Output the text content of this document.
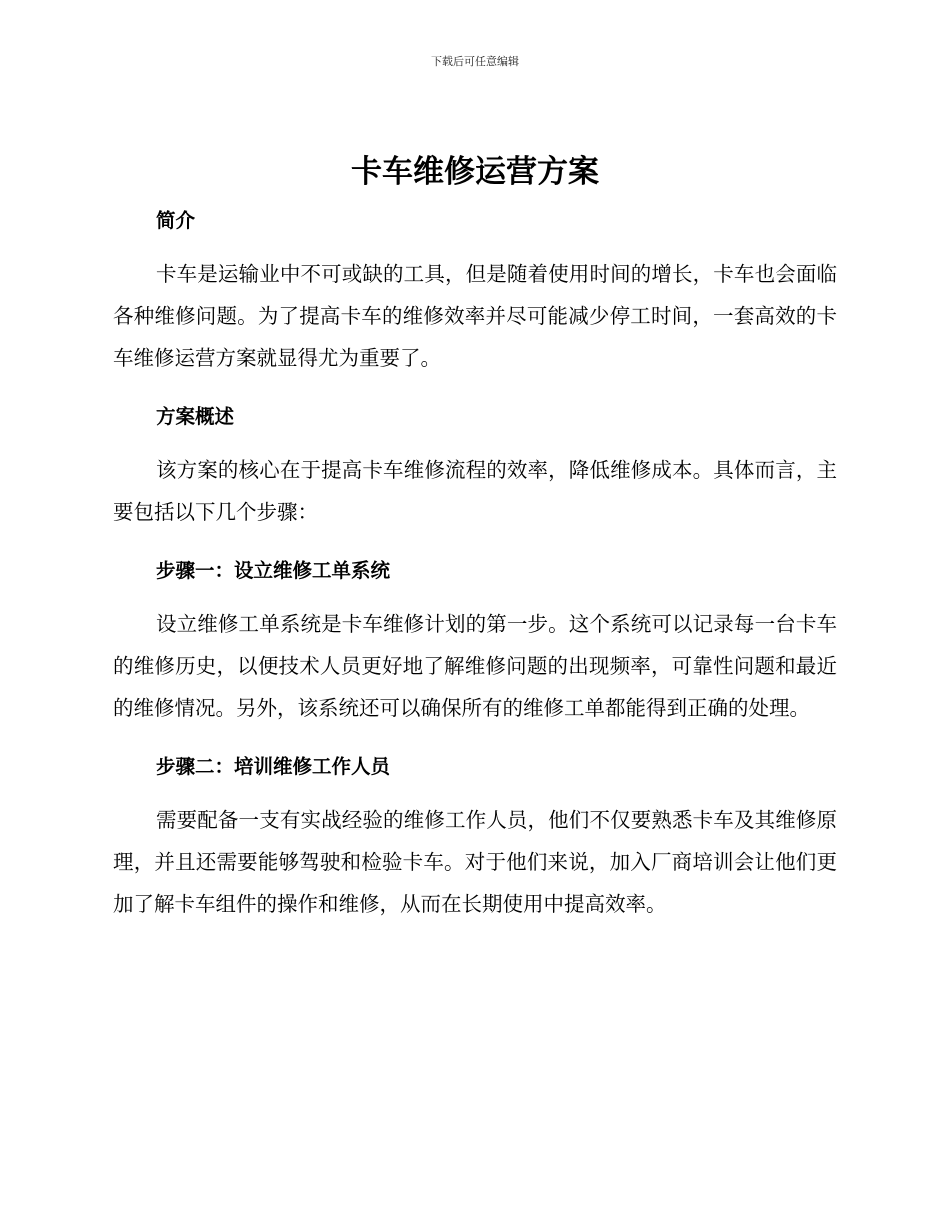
下载后可任意编辑
卡车维修运营方案
简介

卡车是运输业中不可或缺的工具，但是随着使用时间的增长，卡车也会面临各种维修问题。为了提高卡车的维修效率并尽可能减少停工时间，一套高效的卡车维修运营方案就显得尤为重要了。

方案概述

该方案的核心在于提高卡车维修流程的效率，降低维修成本。具体而言，主要包括以下几个步骤：

步骤一：设立维修工单系统

设立维修工单系统是卡车维修计划的第一步。这个系统可以记录每一台卡车的维修历史，以便技术人员更好地了解维修问题的出现频率，可靠性问题和最近的维修情况。另外，该系统还可以确保所有的维修工单都能得到正确的处理。

步骤二：培训维修工作人员

需要配备一支有实战经验的维修工作人员，他们不仅要熟悉卡车及其维修原理，并且还需要能够驾驶和检验卡车。对于他们来说，加入厂商培训会让他们更加了解卡车组件的操作和维修，从而在长期使用中提高效率。
